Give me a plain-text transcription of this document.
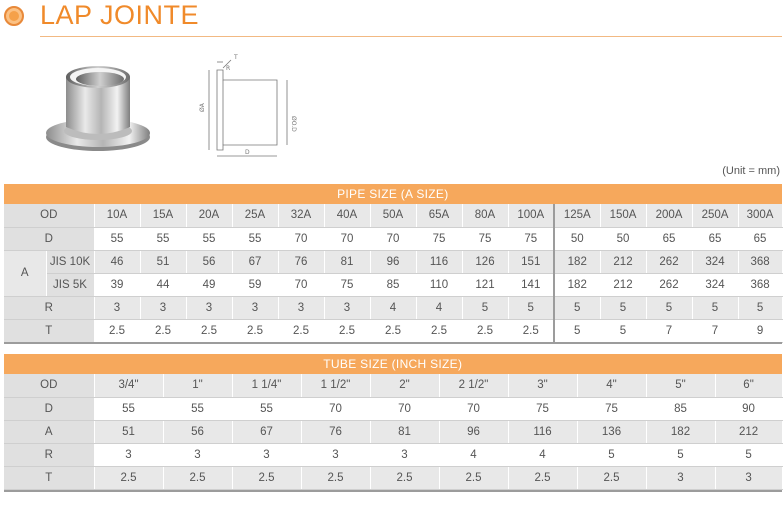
LAP JOINTE
T
R
ØA
ØO.D
D
(Unit = mm)
PIPE SIZE (A SIZE)																
OD		10A	15A	20A	25A	32A	40A	50A	65A	80A	100A	125A	150A	200A	250A	300A
D		55	55	55	55	70	70	70	75	75	75	50	50	65	65	65
A	JIS 10K	46	51	56	67	76	81	96	116	126	151	182	212	262	324	368
	JIS 5K	39	44	49	59	70	75	85	110	121	141	182	212	262	324	368
R		3	3	3	3	3	3	4	4	5	5	5	5	5	5	5
T		2.5	2.5	2.5	2.5	2.5	2.5	2.5	2.5	2.5	2.5	5	5	7	7	9
TUBE SIZE (INCH SIZE)										
OD	3/4"	1"	1 1/4"	1 1/2"	2"	2 1/2"	3"	4"	5"	6"
D	55	55	55	70	70	70	75	75	85	90
A	51	56	67	76	81	96	116	136	182	212
R	3	3	3	3	3	4	4	5	5	5
T	2.5	2.5	2.5	2.5	2.5	2.5	2.5	2.5	3	3
